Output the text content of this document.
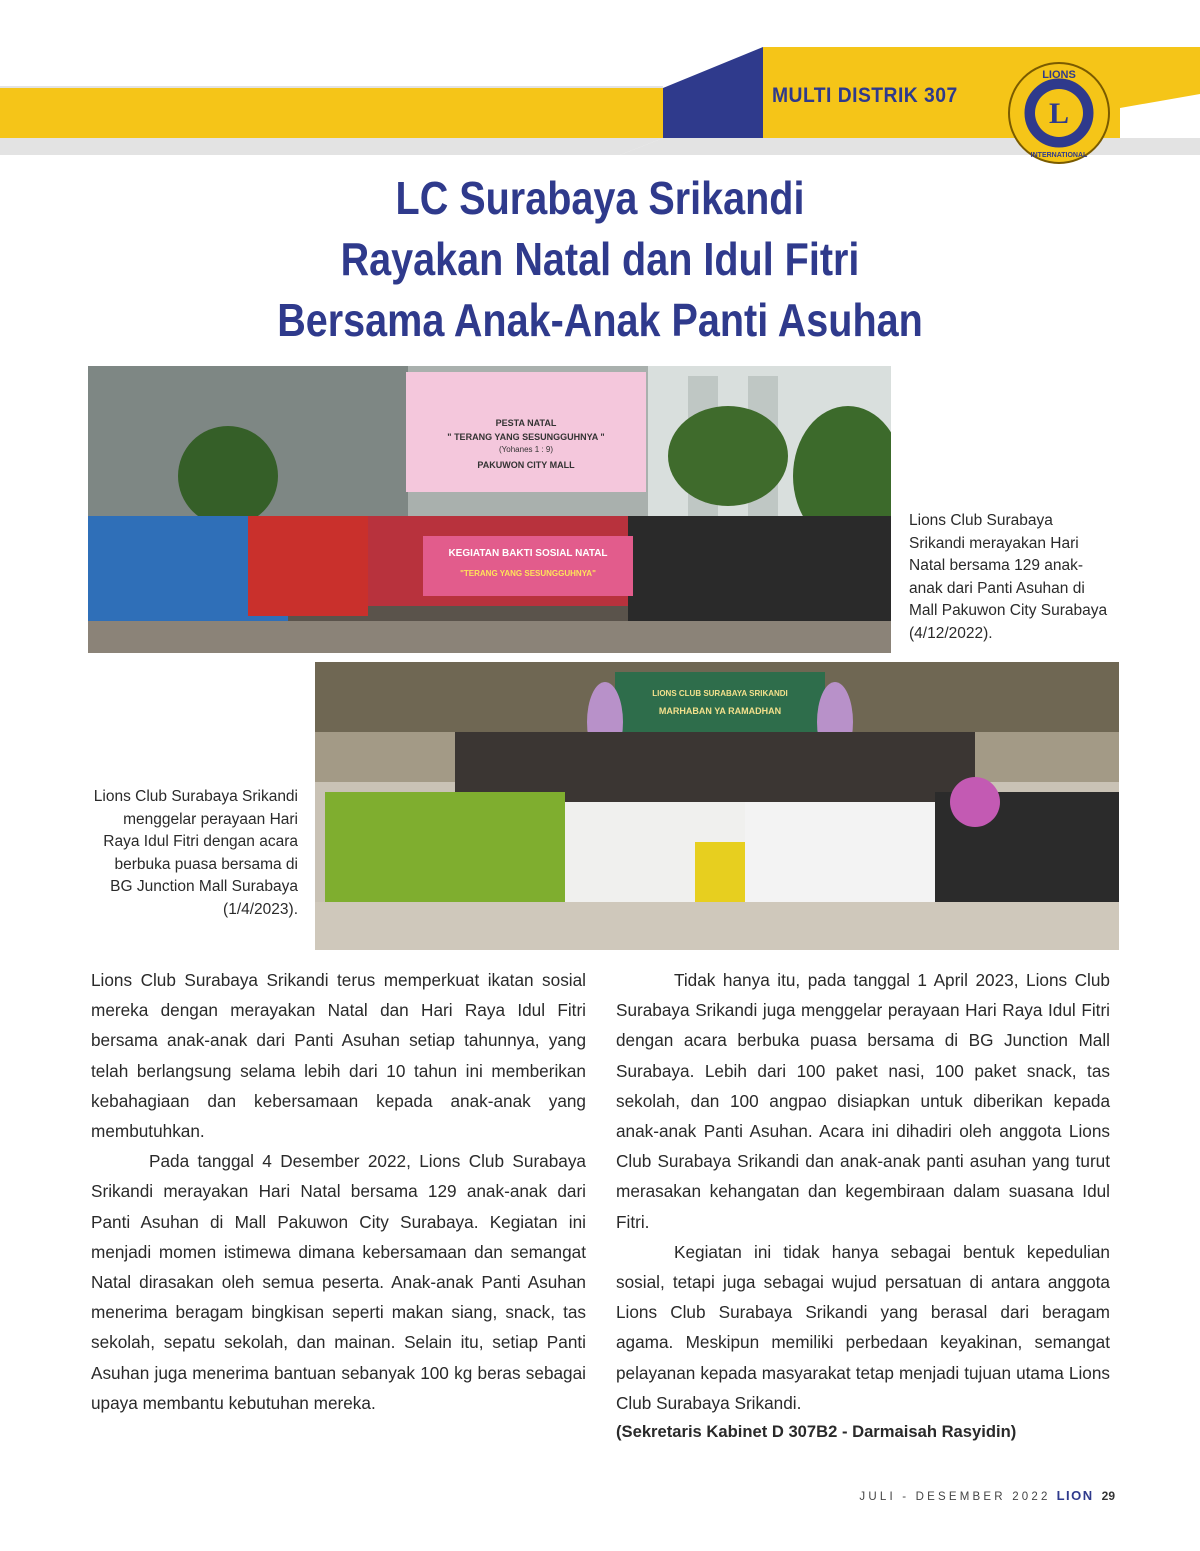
MULTI DISTRIK 307
L
LIONS
INTERNATIONAL
LC Surabaya Srikandi
Rayakan Natal dan Idul Fitri
Bersama Anak-Anak Panti Asuhan
PESTA NATAL
" TERANG YANG SESUNGGUHNYA "
(Yohanes 1 : 9)
PAKUWON CITY MALL
KEGIATAN BAKTI SOSIAL NATAL
"TERANG YANG SESUNGGUHNYA"
Lions Club Surabaya Srikandi merayakan Hari Natal bersama 129 anak-anak dari Panti Asuhan di Mall Pakuwon City Surabaya (4/12/2022).
LIONS CLUB SURABAYA SRIKANDI
MARHABAN YA RAMADHAN
Lions Club Surabaya Srikandi menggelar perayaan Hari Raya Idul Fitri dengan acara berbuka puasa bersama di BG Junction Mall Surabaya (1/4/2023).

Lions Club Surabaya Srikandi terus memperkuat ikatan sosial mereka dengan merayakan Natal dan Hari Raya Idul Fitri bersama anak-anak dari Panti Asuhan setiap tahunnya, yang telah berlangsung selama lebih dari 10 tahun ini memberikan kebahagiaan dan kebersamaan kepada anak-anak yang membutuhkan.

Pada tanggal 4 Desember 2022, Lions Club Surabaya Srikandi merayakan Hari Natal bersama 129 anak-anak dari Panti Asuhan di Mall Pakuwon City Surabaya. Kegiatan ini menjadi momen istimewa dimana kebersamaan dan semangat Natal dirasakan oleh semua peserta. Anak-anak Panti Asuhan menerima beragam bingkisan seperti makan siang, snack, tas sekolah, sepatu sekolah, dan mainan. Selain itu, setiap Panti Asuhan juga menerima bantuan sebanyak 100 kg beras sebagai upaya membantu kebutuhan mereka.

Tidak hanya itu, pada tanggal 1 April 2023, Lions Club Surabaya Srikandi juga menggelar perayaan Hari Raya Idul Fitri dengan acara berbuka puasa bersama di BG Junction Mall Surabaya. Lebih dari 100 paket nasi, 100 paket snack, tas sekolah, dan 100 angpao disiapkan untuk diberikan kepada anak-anak Panti Asuhan. Acara ini dihadiri oleh anggota Lions Club Surabaya Srikandi dan anak-anak panti asuhan yang turut merasakan kehangatan dan kegembiraan dalam suasana Idul Fitri.

Kegiatan ini tidak hanya sebagai bentuk kepedulian sosial, tetapi juga sebagai wujud persatuan di antara anggota Lions Club Surabaya Srikandi yang berasal dari beragam agama. Meskipun memiliki perbedaan keyakinan, semangat pelayanan kepada masyarakat tetap menjadi tujuan utama Lions Club Surabaya Srikandi.

(Sekretaris Kabinet D 307B2 - Darmaisah Rasyidin)

JULI - DESEMBER 2022 LION 29
